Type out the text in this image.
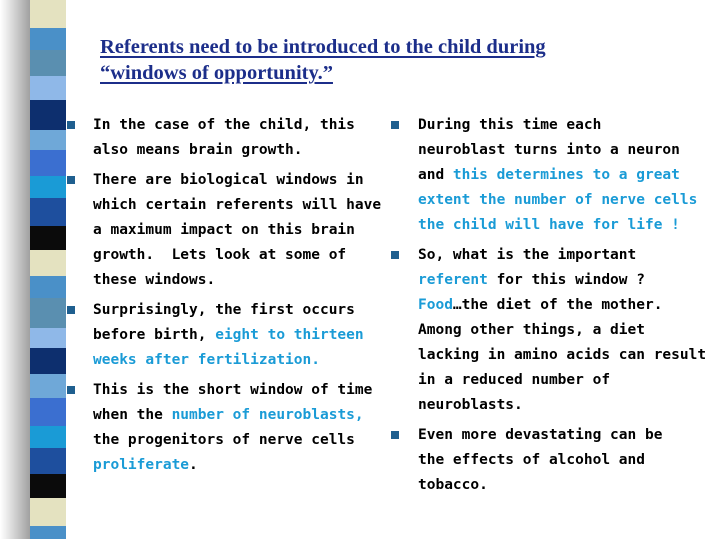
Referents need to be introduced to the child during
“windows of opportunity.”
In the case of the child, this
also means brain growth.
There are biological windows in
which certain referents will have
a maximum impact on this brain
growth.  Lets look at some of
these windows.
Surprisingly, the first occurs
before birth, eight to thirteen
weeks after fertilization.
This is the short window of time
when the number of neuroblasts,
the progenitors of nerve cells
proliferate.
During this time each
neuroblast turns into a neuron
and this determines to a great
extent the number of nerve cells
the child will have for life !
So, what is the important
referent for this window ?
Food…the diet of the mother.
Among other things, a diet
lacking in amino acids can result
in a reduced number of
neuroblasts.
Even more devastating can be
the effects of alcohol and
tobacco.
